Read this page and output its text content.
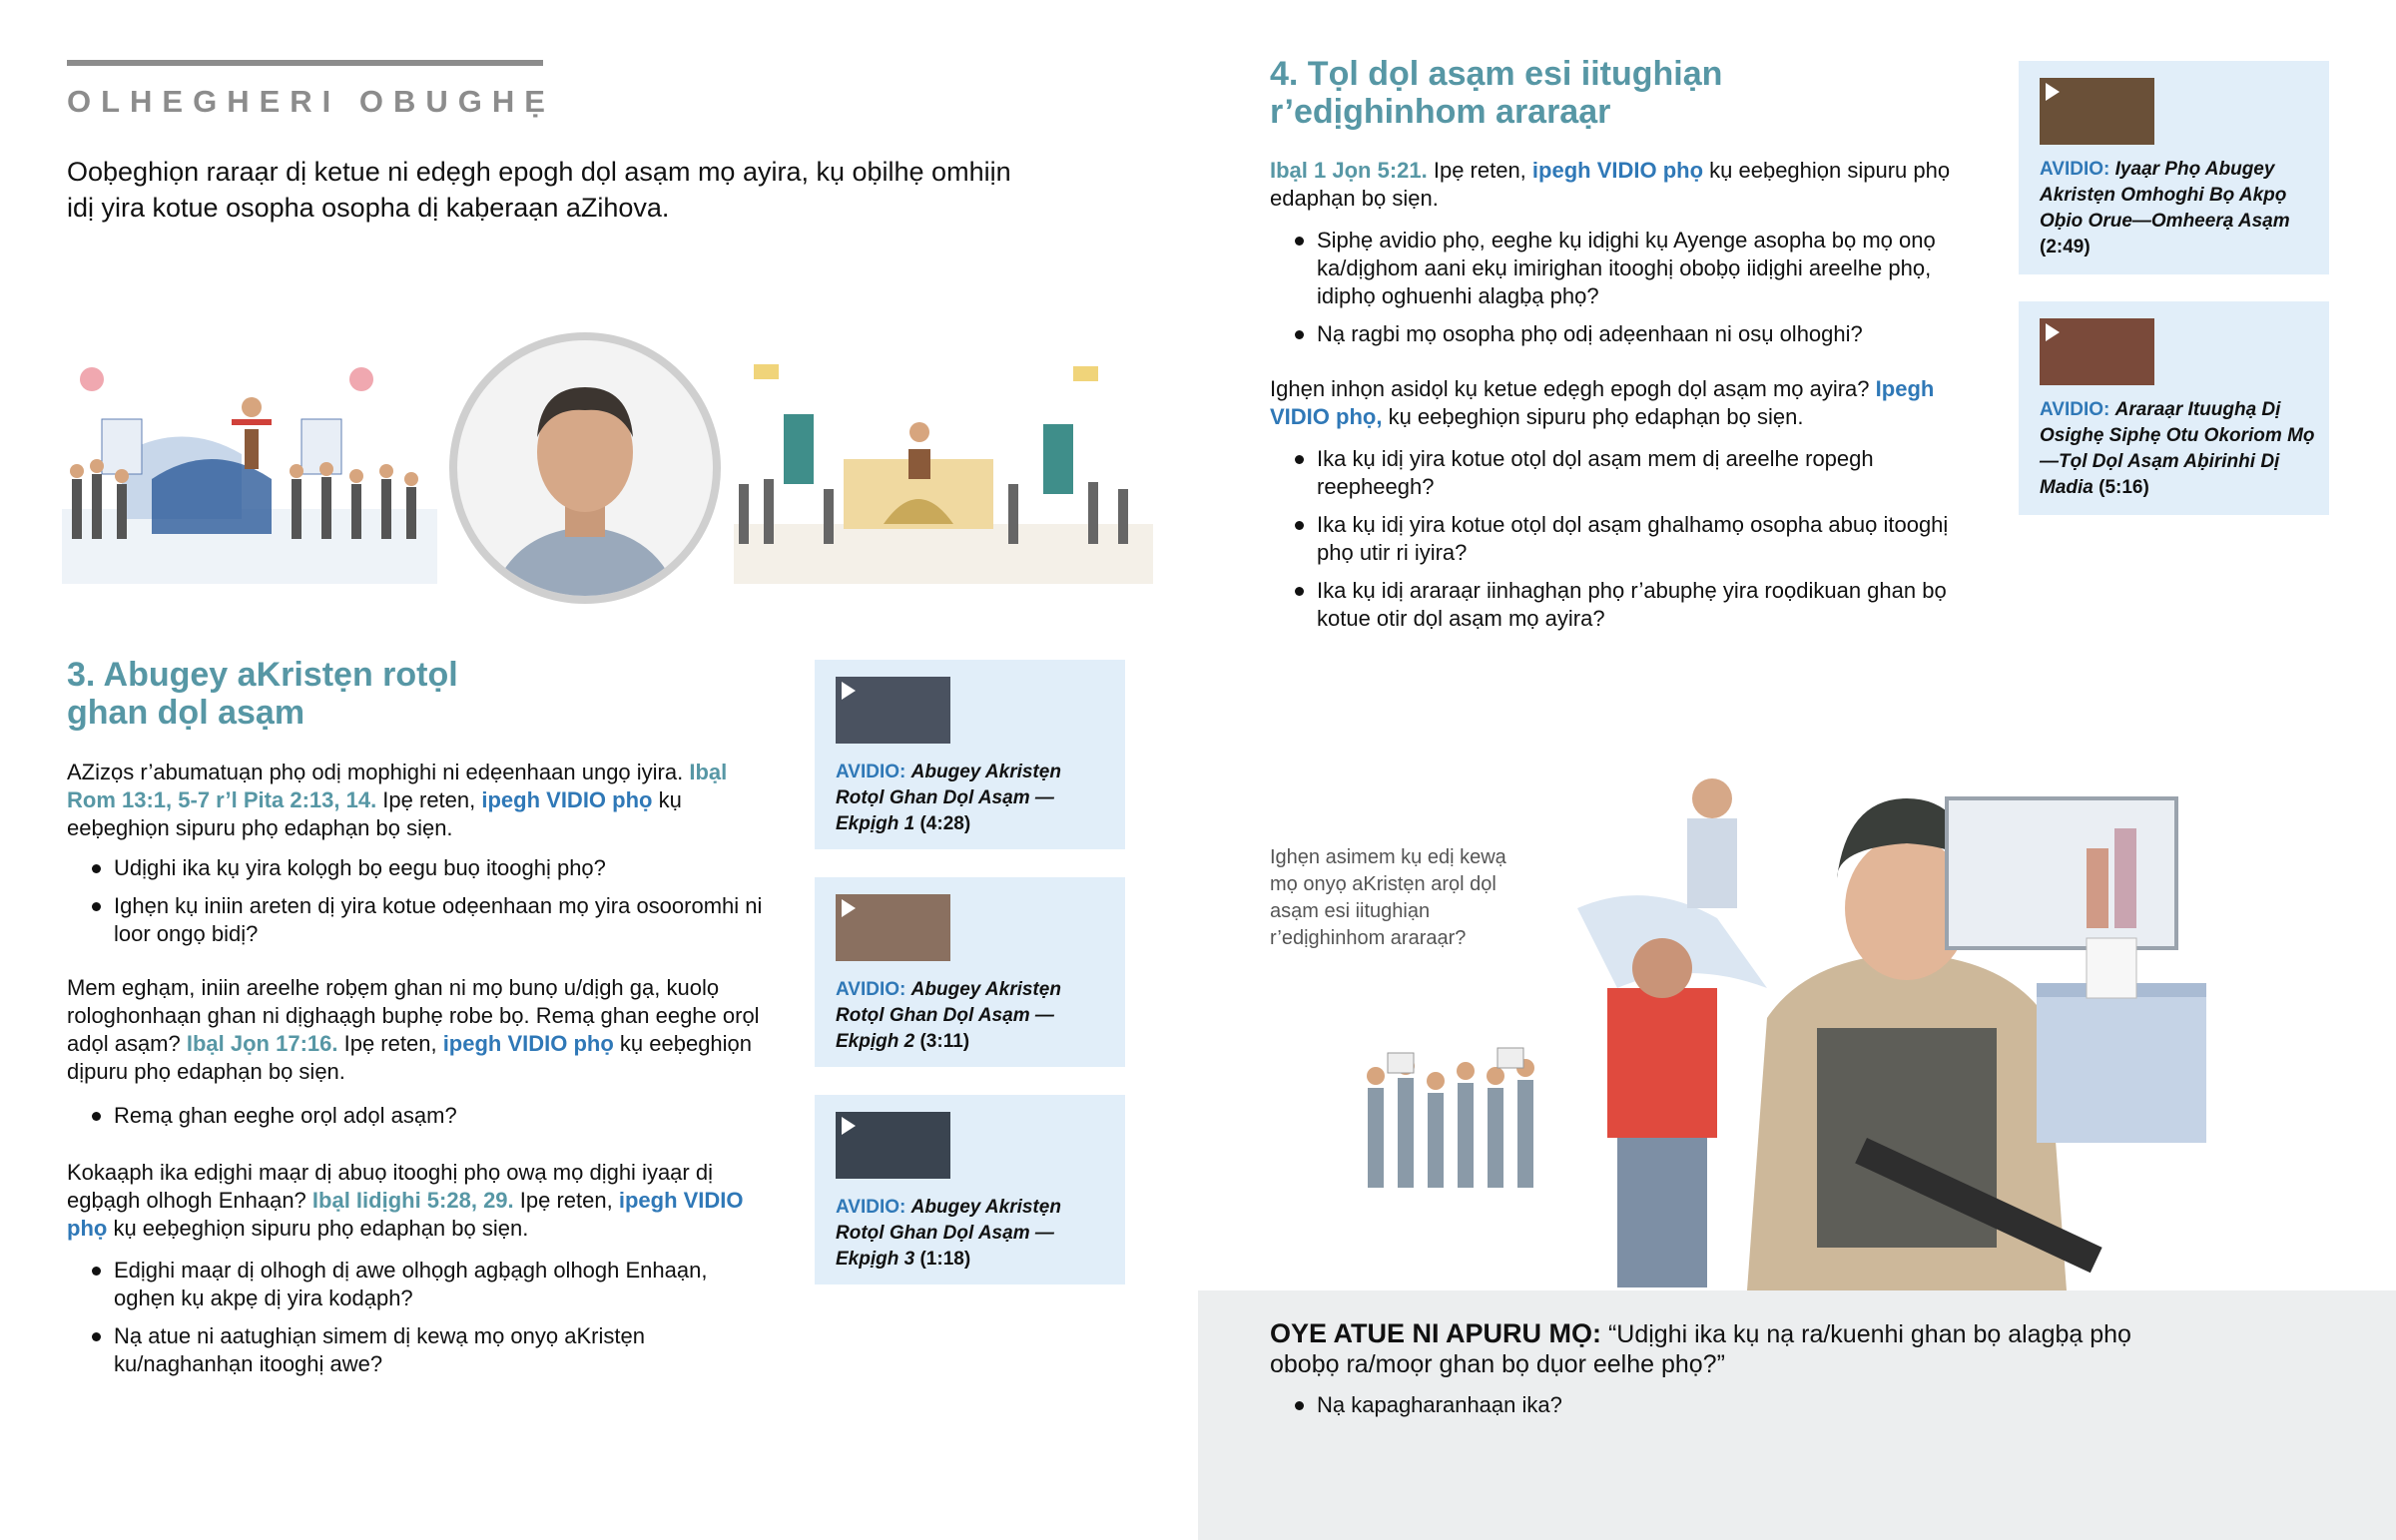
OLHEGHERI OBUGHẸ
Ooḅeghiọn raraạr dị ketue ni edẹgh epogh dọl asạm mọ ayira, kụ oḅilhẹ omhiịn idị yira kotue osopha osopha dị kaḅeraạn aZihova.
3. Abugey aKristẹn rotọl
ghan dọl asạm
AZizọs r’abumatuạn phọ odị mophighi ni edẹenhaan ungọ iyira. Ibạl Rom 13:1, 5-7 r’l Pita 2:13, 14. Ipẹ reten, ipegh VIDIO phọ kụ eeḅeghiọn sipuru phọ edaphạn bọ siẹn.
Udịghi ika kụ yira kolọgh bọ eegu buọ itooghị phọ?
Ighẹn kụ iniin areten dị yira kotue odẹenhaan mọ yira osooromhi ni loor ongọ bidị?
Mem eghạm, iniin areelhe roḅẹm ghan ni mọ bunọ u/dịgh gạ, kuolọ rologhonhaạn ghan ni dịghaạgh buphẹ robe bọ. Remạ ghan eeghe orọl adọl asạm? Ibạl Jọn 17:16. Ipẹ reten, ipegh VIDIO phọ kụ eeḅeghiọn dịpuru phọ edaphạn bọ siẹn.
Remạ ghan eeghe orọl adọl asạm?
Kokaạph ika edịghi maạr dị abuọ itooghị phọ owạ mọ dịghi iyaạr dị egḅạgh olhogh Enhaạn? Ibạl Iidịghi 5:28, 29. Ipẹ reten, ipegh VIDIO phọ kụ eeḅeghiọn sipuru phọ edaphạn bọ siẹn.
Edịghi maạr dị olhogh dị awe olhọgh agḅạgh olhogh Enhaạn, oghẹn kụ akpẹ dị yira kodạph?
Nạ atue ni aatughiạn simem dị kewạ mọ onyọ aKristẹn ku/naghanhạn itooghị awe?
AVIDIO: Abugey Akristẹn Rotọl Ghan Dọl Asạm —Ekpịgh 1 (4:28)
AVIDIO: Abugey Akristẹn Rotọl Ghan Dọl Asạm —Ekpịgh 2 (3:11)
AVIDIO: Abugey Akristẹn Rotọl Ghan Dọl Asạm —Ekpịgh 3 (1:18)
4. Tọl dọl asạm esi iitughiạn
r’edịghinhom araraạr
Ibạl 1 Jọn 5:21. Ipẹ reten, ipegh VIDIO phọ kụ eeḅeghiọn sipuru phọ edaphạn bọ siẹn.
Siphẹ avidio phọ, eeghe kụ idịghi kụ Ayenge asopha bọ mọ onọ ka/dịghom aani ekụ imirighan itooghị oboḅọ iidịghi areelhe phọ, idiphọ oghuenhi alagḅạ phọ?
Nạ ragbi mọ osopha phọ odị adẹenhaan ni osụ olhoghi?
Ighẹn inhọn asidọl kụ ketue edẹgh epogh dọl asạm mọ ayira? Ipegh VIDIO phọ, kụ eeḅeghiọn sipuru phọ edaphạn bọ siẹn.
Ika kụ idị yira kotue otọl dọl asạm mem dị areelhe ropegh reepheegh?
Ika kụ idị yira kotue otọl dọl asạm ghalhamọ osopha abuọ itooghị phọ utir ri iyira?
Ika kụ idị araraạr iinhaghạn phọ r’abuphẹ yira roọdikuan ghan bọ kotue otir dọl asạm mọ ayira?
AVIDIO: Iyaạr Phọ Abugey Akristẹn Omhoghi Bọ Akpọ Oḅio Orue—Omheerạ Asạm (2:49)
AVIDIO: Araraạr Ituughạ Dị Osighẹ Siphẹ Otu Okoriom Mọ —Tọl Dọl Asạm Aḅirinhi Dị Madia (5:16)
Ighẹn asimem kụ edị kewạ mọ onyọ aKristẹn arọl dọl asạm esi iitughiạn r’edịghinhom araraạr?
OYE ATUE NI APURU MỌ: “Udịghi ika kụ nạ ra/kuenhi ghan bọ alagḅạ phọ oboḅọ ra/moọr ghan bọ dụor eelhe phọ?”
Nạ kapagharanhaạn ika?
